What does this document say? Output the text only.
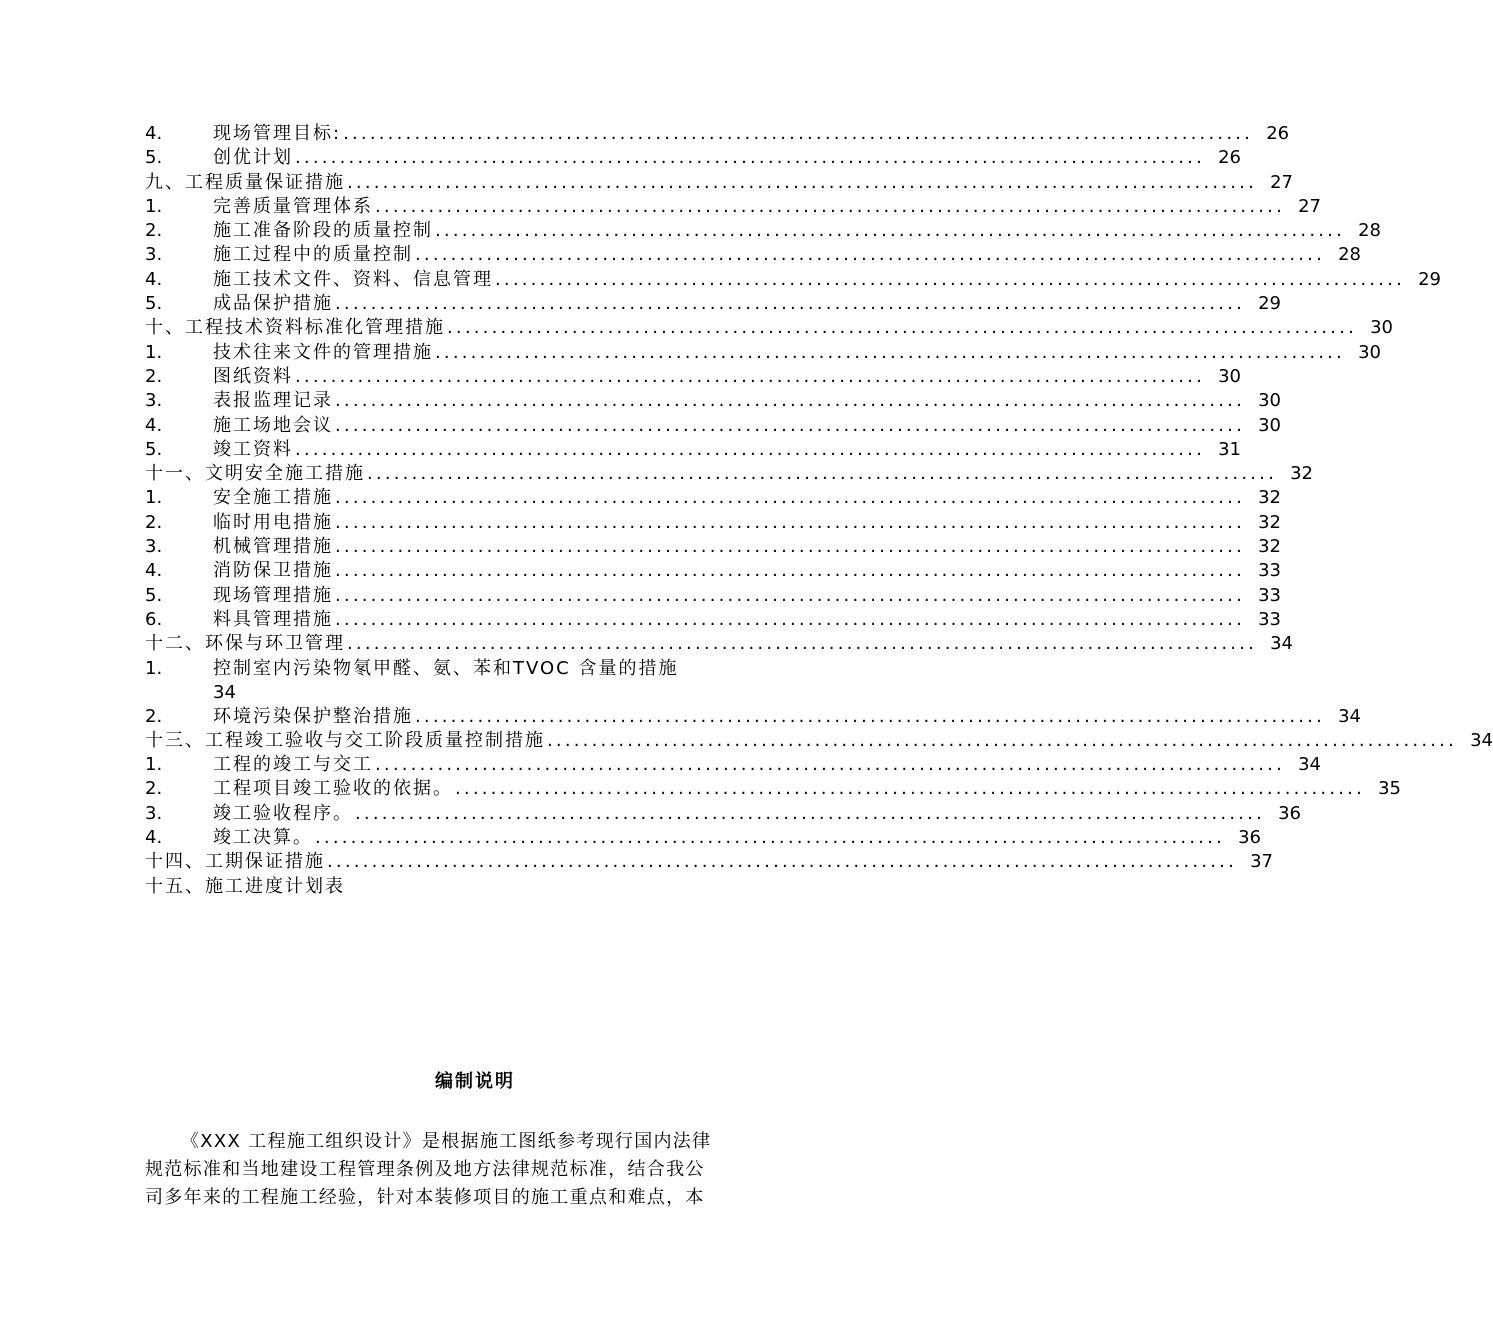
4.	现场管理目标: ...................................................................................................... 26
5.	创优计划 ...................................................................................................... 26
九、工程质量保证措施 ...................................................................................................... 27
1.	完善质量管理体系 ...................................................................................................... 27
2.	施工准备阶段的质量控制 ...................................................................................................... 28
3.	施工过程中的质量控制 ...................................................................................................... 28
4.	施工技术文件、资料、信息管理 ...................................................................................................... 29
5.	成品保护措施 ...................................................................................................... 29
十、工程技术资料标准化管理措施 ...................................................................................................... 30
1.	技术往来文件的管理措施 ...................................................................................................... 30
2.	图纸资料 ...................................................................................................... 30
3.	表报监理记录 ...................................................................................................... 30
4.	施工场地会议 ...................................................................................................... 30
5.	竣工资料 ...................................................................................................... 31
十一、文明安全施工措施 ...................................................................................................... 32
1.	安全施工措施 ...................................................................................................... 32
2.	临时用电措施 ...................................................................................................... 32
3.	机械管理措施 ...................................................................................................... 32
4.	消防保卫措施 ...................................................................................................... 33
5.	现场管理措施 ...................................................................................................... 33
6.	料具管理措施 ...................................................................................................... 33
十二、环保与环卫管理 ...................................................................................................... 34
1.	控制室内污染物氡甲醛、氨、苯和TVOC 含量的措施
34
2.	环境污染保护整治措施 ...................................................................................................... 34
十三、工程竣工验收与交工阶段质量控制措施 ...................................................................................................... 34
1.	工程的竣工与交工 ...................................................................................................... 34
2.	工程项目竣工验收的依据。 ...................................................................................................... 35
3.	竣工验收程序。 ...................................................................................................... 36
4.	竣工决算。 ...................................................................................................... 36
十四、工期保证措施 ...................................................................................................... 37
十五、施工进度计划表
编制说明

《XXX 工程施工组织设计》是根据施工图纸参考现行国内法律

规范标准和当地建设工程管理条例及地方法律规范标准，结合我公

司多年来的工程施工经验，针对本装修项目的施工重点和难点，本
